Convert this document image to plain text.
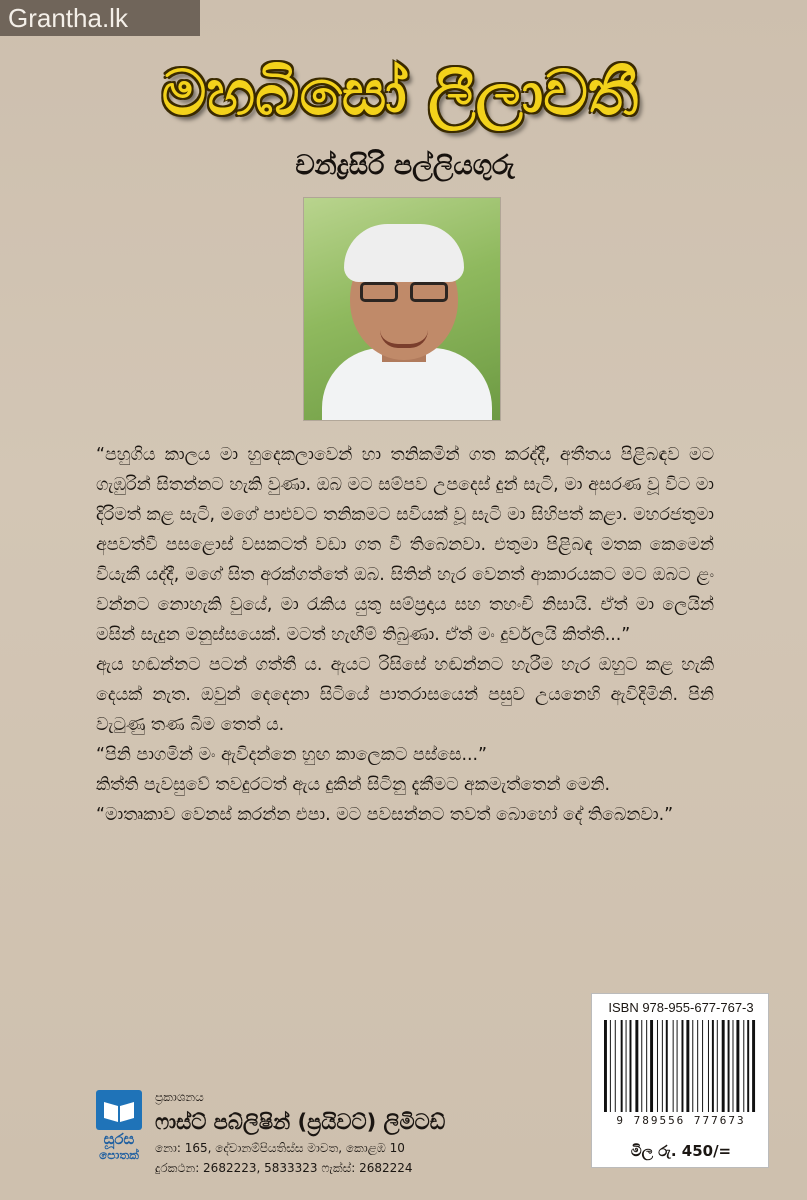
Grantha.lk
මහබිසෝ ලීලාවතී
චන්ද්‍රසිරි පල්ලියගුරු

“පහුගිය කාලය මා හුදෙකලාවෙන් හා තනිකමින් ගත කරද්දී, අතීතය පිළිබඳව මට ගැඹුරින් සිතන්නට හැකි වුණා. ඔබ මට සම්පව උපදෙස් දුන් සැටි, මා අසරණ වූ විට මා දිරිමත් කළ සැටි, මගේ පාළුවට තනිකමට සවියක් වූ සැටි මා සිහිපත් කළා. මහරජතුමා අපවත්වී පසළොස් වසකටත් වඩා ගත වී තිබෙනවා. එතුමා පිළිබඳ මතක කෙමෙන් වියැකී යද්දී, මගේ සිත අරක්ගත්තේ ඔබ. සිතින් හැර වෙනත් ආකාරයකට මට ඔබට ළං වන්නට නොහැකි වුයේ, මා රැකිය යුතු සම්ප්‍රදාය සහ තහංචි නිසායි. ඒත් මා ලෙයින් මසින් සැදුන මනුස්සයෙක්. මටත් හැඟීම් තිබුණා. ඒත් මං දුර්වලයි කිත්ති...”

ඇය හඬන්නට පටන් ගත්තී ය. ඇයට රිසිසේ හඬන්නට හැරීම හැර ඔහුට කළ හැකි දෙයක් නැත. ඔවුන් දෙදෙනා සිටියේ පාතරාසයෙන් පසුව උයනෙහි ඇවිදිමිනි. පිනි වැටුණු තණ බිම තෙත් ය.

“පිනි පාගමින් මං ඇවිදන්නෙ හුඟ කාලෙකට පස්සෙ...”

කිත්ති පැවසුවේ තවදුරටත් ඇය දුකින් සිටිනු දැකීමට අකමැත්තෙන් මෙනි.

“මාතෘකාව වෙනස් කරන්න එපා. මට පවසන්නට තවත් බොහෝ දේ තිබෙනවා.”

ISBN 978-955-677-767-3
9 789556 777673
මිල රු. 450/=
සූරස
පොතක්
ප්‍රකාශනය
ෆාස්ට් පබ්ලිෂින් (ප්‍රයිවට්) ලිමිටඩ්
නො: 165, දේවානම්පියතිස්ස මාවත, කොළඹ 10
දුරකථන: 2682223, 5833323 ෆැක්ස්: 2682224
